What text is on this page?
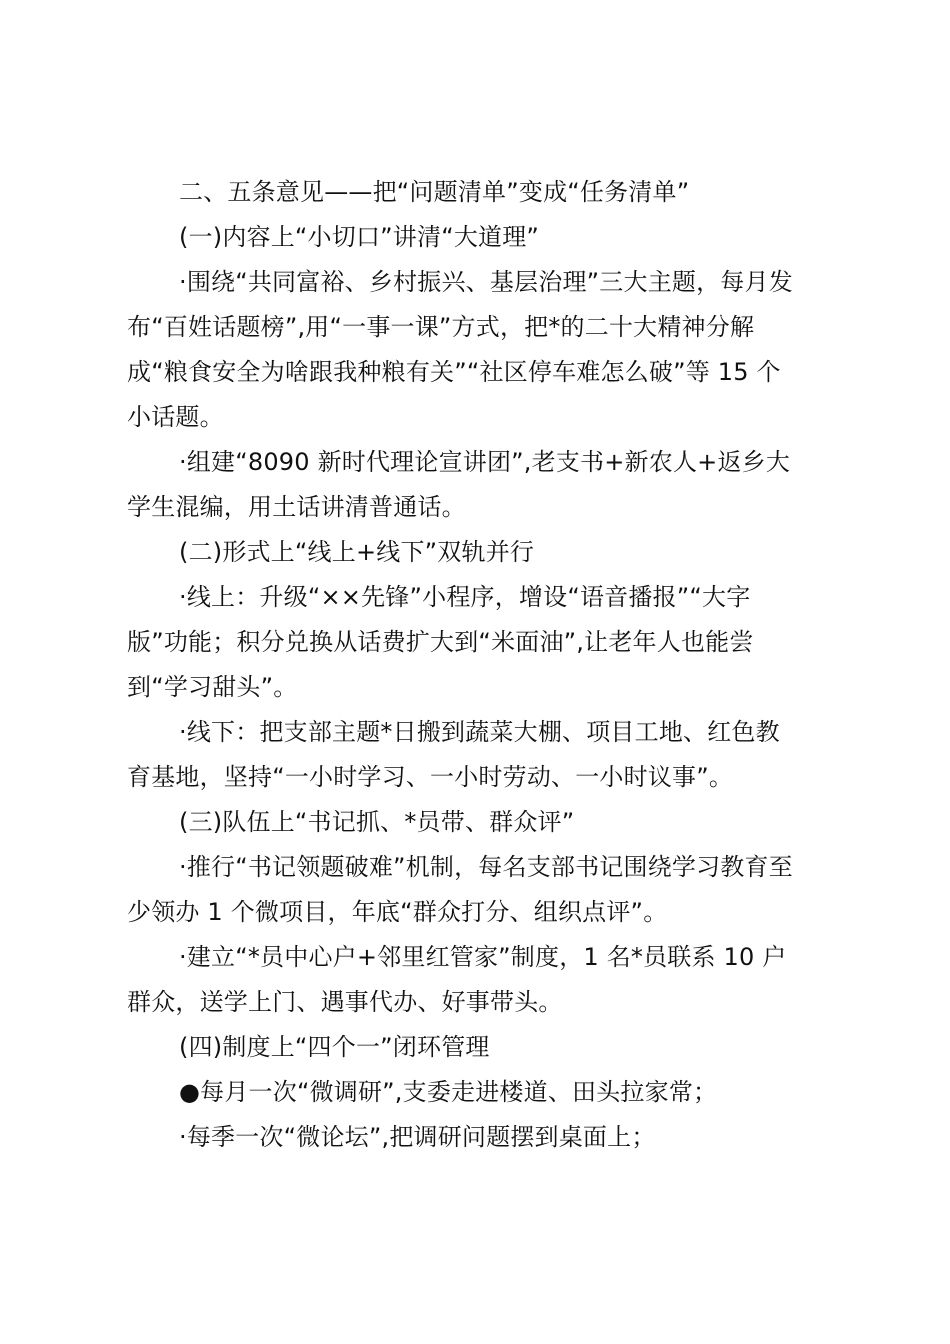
二、五条意见——把“问题清单”变成“任务清单”

(一)内容上“小切口”讲清“大道理”

·围绕“共同富裕、乡村振兴、基层治理”三大主题，每月发
布“百姓话题榜”,用“一事一课”方式，把*的二十大精神分解
成“粮食安全为啥跟我种粮有关”“社区停车难怎么破”等 15 个
小话题。

·组建“8090 新时代理论宣讲团”,老支书+新农人+返乡大
学生混编，用土话讲清普通话。

(二)形式上“线上+线下”双轨并行

·线上：升级“××先锋”小程序，增设“语音播报”“大字
版”功能；积分兑换从话费扩大到“米面油”,让老年人也能尝
到“学习甜头”。

·线下：把支部主题*日搬到蔬菜大棚、项目工地、红色教
育基地，坚持“一小时学习、一小时劳动、一小时议事”。

(三)队伍上“书记抓、*员带、群众评”

·推行“书记领题破难”机制，每名支部书记围绕学习教育至
少领办 1 个微项目，年底“群众打分、组织点评”。

·建立“*员中心户+邻里红管家”制度，1 名*员联系 10 户
群众，送学上门、遇事代办、好事带头。

(四)制度上“四个一”闭环管理

●每月一次“微调研”,支委走进楼道、田头拉家常；

·每季一次“微论坛”,把调研问题摆到桌面上；
